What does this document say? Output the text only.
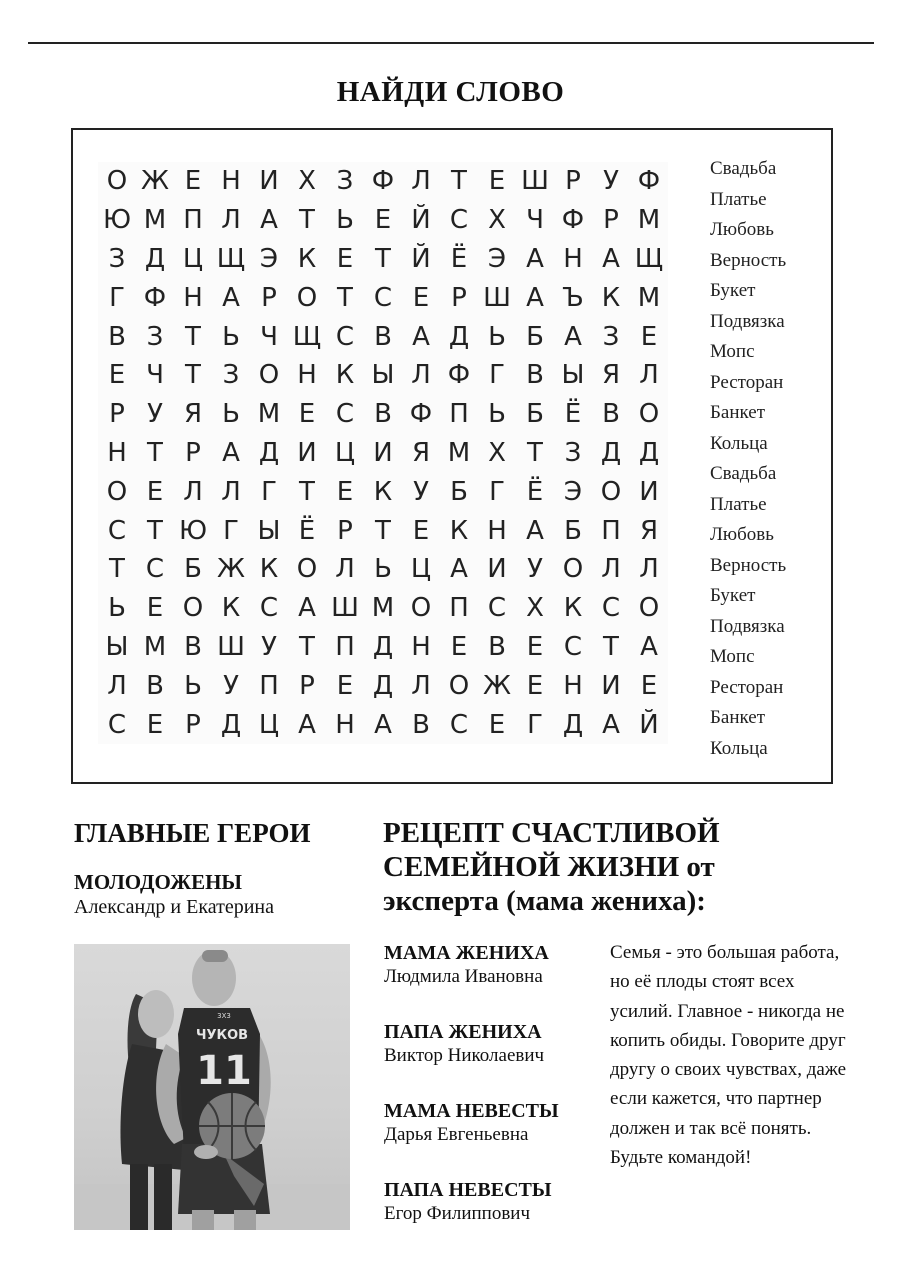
НАЙДИ СЛОВО
О Ж Е Н И Х З Ф Л Т Е Ш Р У Ф
Ю М П Л А Т Ь Е Й С Х Ч Ф Р М
З Д Ц Щ Э К Е Т Й Ё Э А Н А Щ
Г Ф Н А Р О Т С Е Р Ш А Ъ К М
В З Т Ь Ч Щ С В А Д Ь Б А З Е
Е Ч Т З О Н К Ы Л Ф Г В Ы Я Л
Р У Я Ь М Е С В Ф П Ь Б Ё В О
Н Т Р А Д И Ц И Я М Х Т З Д Д
О Е Л Л Г Т Е К У Б Г Ё Э О И
С Т Ю Г Ы Ё Р Т Е К Н А Б П Я
Т С Б Ж К О Л Ь Ц А И У О Л Л
Ь Е О К С А Ш М О П С Х К С О
Ы М В Ш У Т П Д Н Е В Е С Т А
Л В Ь У П Р Е Д Л О Ж Е Н И Е
С Е Р Д Ц А Н А В С Е Г Д А Й
Свадьба
Платье
Любовь
Верность
Букет
Подвязка
Мопс
Ресторан
Банкет
Кольца
Свадьба
Платье
Любовь
Верность
Букет
Подвязка
Мопс
Ресторан
Банкет
Кольца
ГЛАВНЫЕ ГЕРОИ
МОЛОДОЖЕНЫ
Александр и Екатерина
ЧУКОВ
11
3X3
РЕЦЕПТ СЧАСТЛИВОЙ
СЕМЕЙНОЙ ЖИЗНИ от
эксперта (мама жениха):
МАМА ЖЕНИХА
Людмила Ивановна
ПАПА ЖЕНИХА
Виктор Николаевич
МАМА НЕВЕСТЫ
Дарья Евгеньевна
ПАПА НЕВЕСТЫ
Егор Филиппович
Семья - это большая работа, но её плоды стоят всех усилий. Главное - никогда не копить обиды. Говорите друг другу о своих чувствах, даже если кажется, что партнер должен и так всё понять. Будьте командой!
